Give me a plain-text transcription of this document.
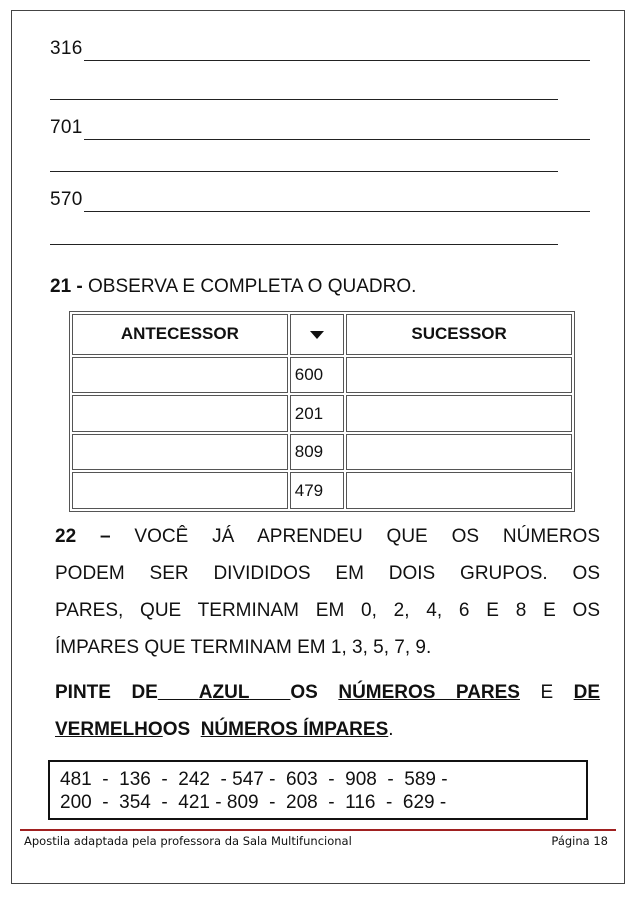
316
701
570
21 - OBSERVA E COMPLETA O QUADRO.
ANTECESSOR		SUCESSOR
	600	
	201	
	809	
	479	

22 – VOCÊ JÁ APRENDEU QUE OS NÚMEROS

PODEM SER DIVIDIDOS EM DOIS GRUPOS. OS

PARES, QUE TERMINAM EM 0, 2, 4, 6 E 8 E OS

ÍMPARES QUE TERMINAM EM 1, 3, 5, 7, 9.

PINTE DE AZUL OS NÚMEROS PARES E DE

VERMELHOOS NÚMEROS ÍMPARES.

481  -  136  -  242  - 547 -  603  -  908  -  589 -
200  -  354  -  421 - 809  -  208  -  116  -  629 -
Apostila adaptada pela professora da Sala Multifuncional	Página 18
